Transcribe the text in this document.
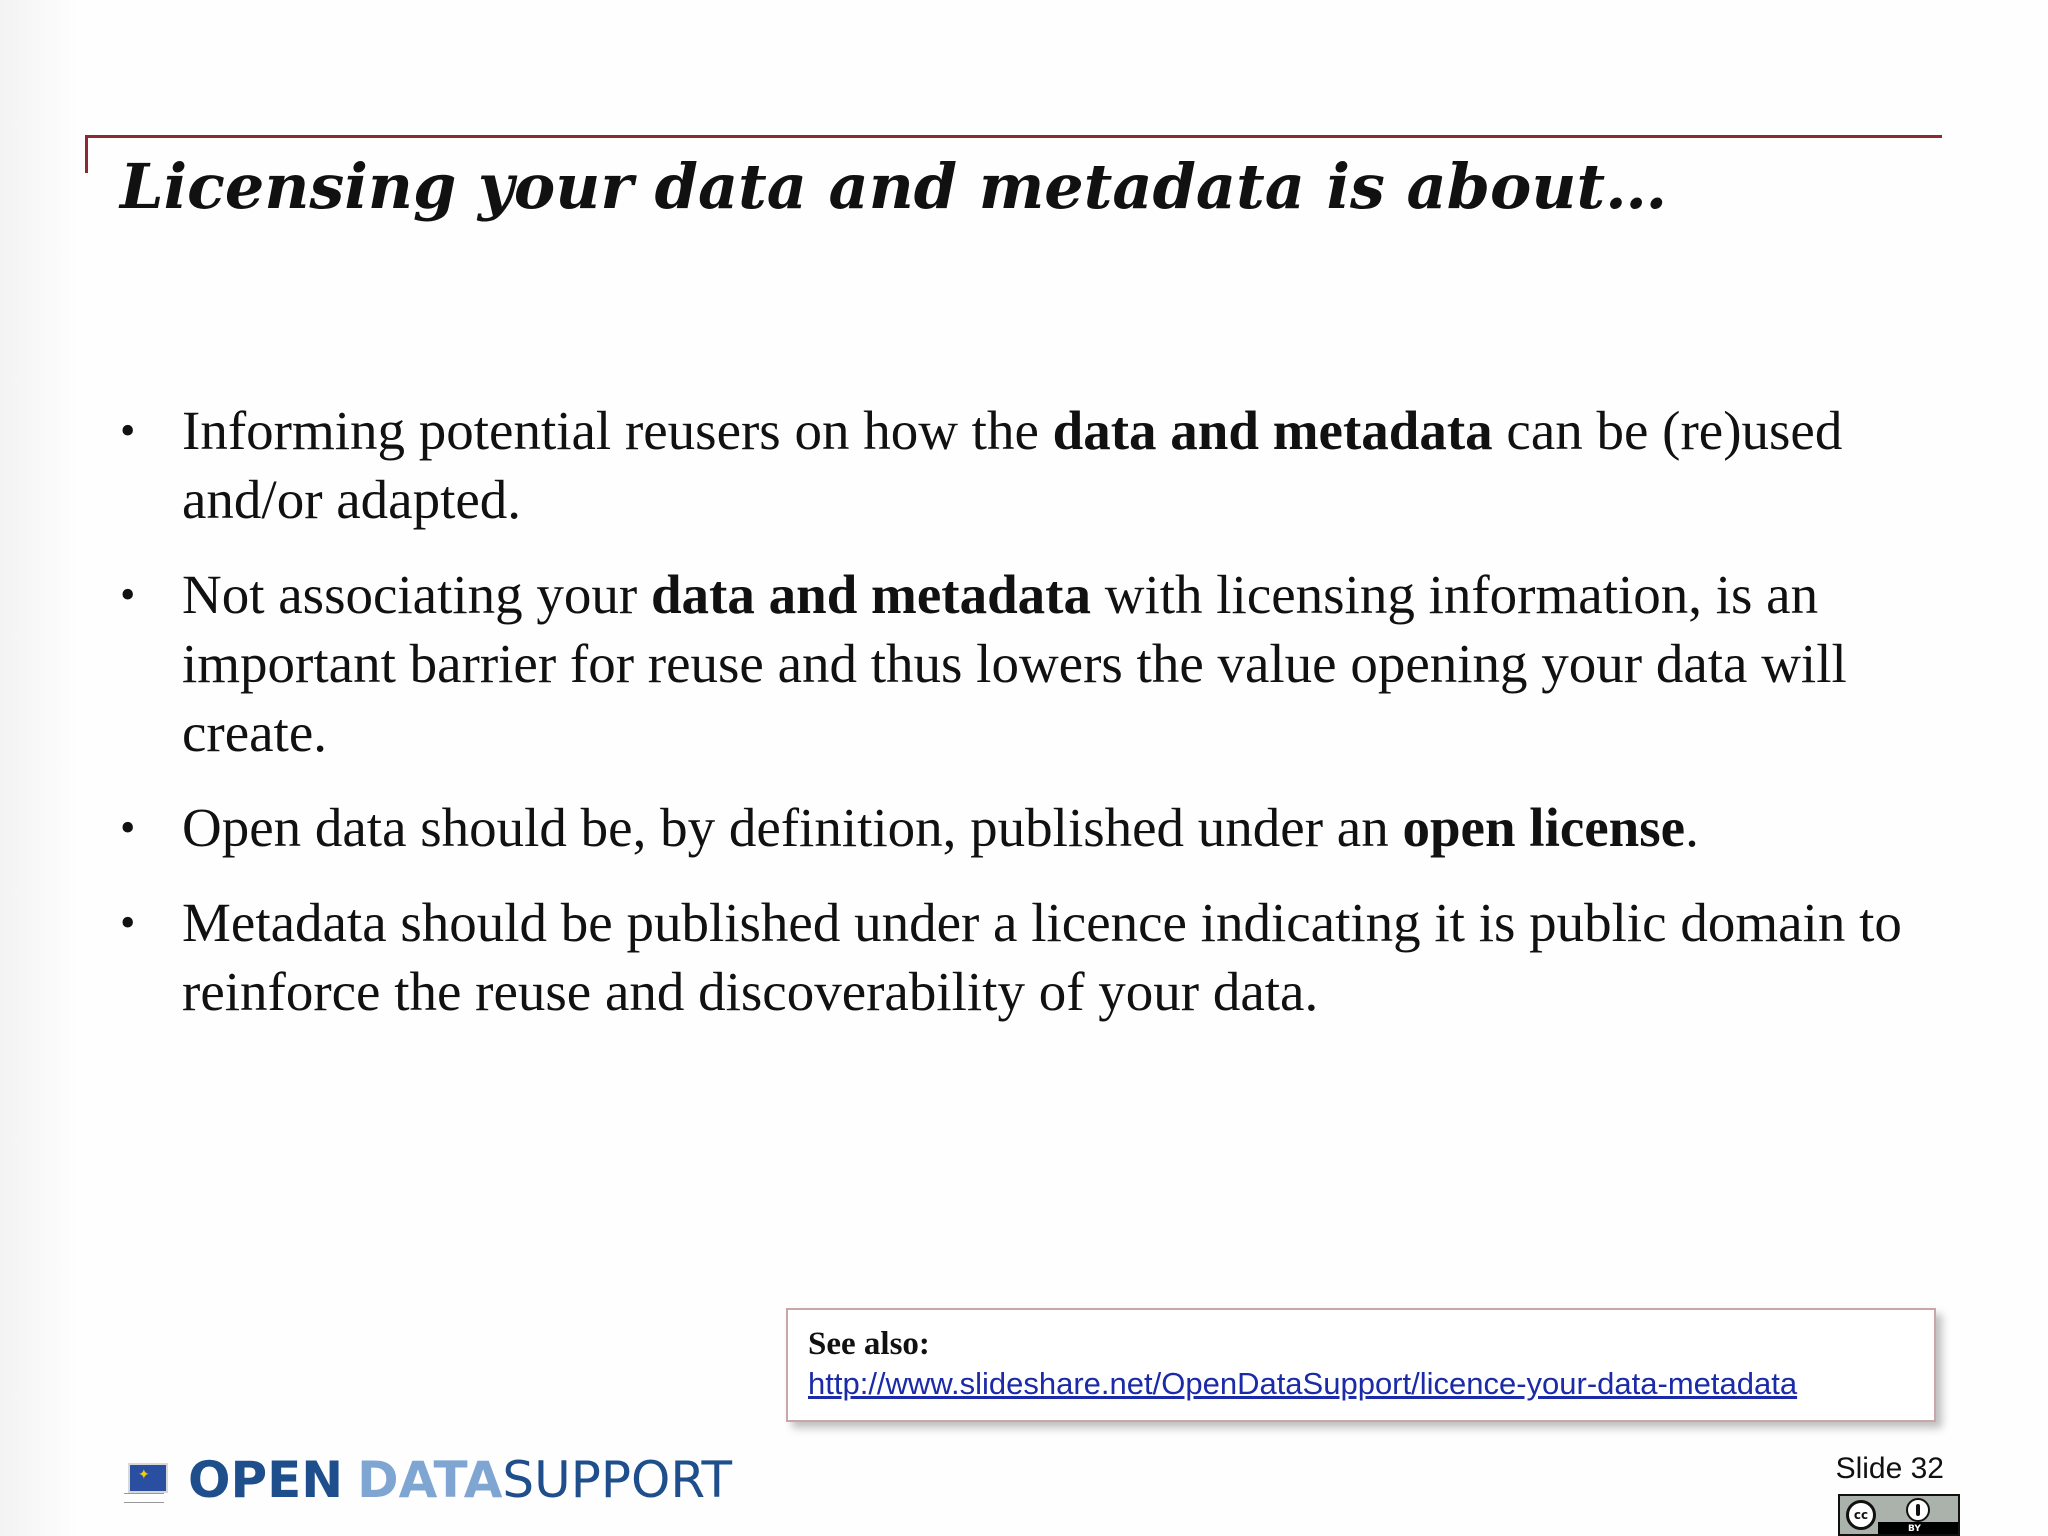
Licensing your data and metadata is about…
• Informing potential reusers on how the data and metadata can be (re)used and/or adapted.
• Not associating your data and metadata with licensing information, is an important barrier for reuse and thus lowers the value opening your data will create.
• Open data should be, by definition, published under an open license.
• Metadata should be published under a licence indicating it is public domain to reinforce the reuse and discoverability of your data.
See also:
http://www.slideshare.net/OpenDataSupport/licence-your-data-metadata
✦ OPEN DATASUPPORT	Slide 32
cc
BY
